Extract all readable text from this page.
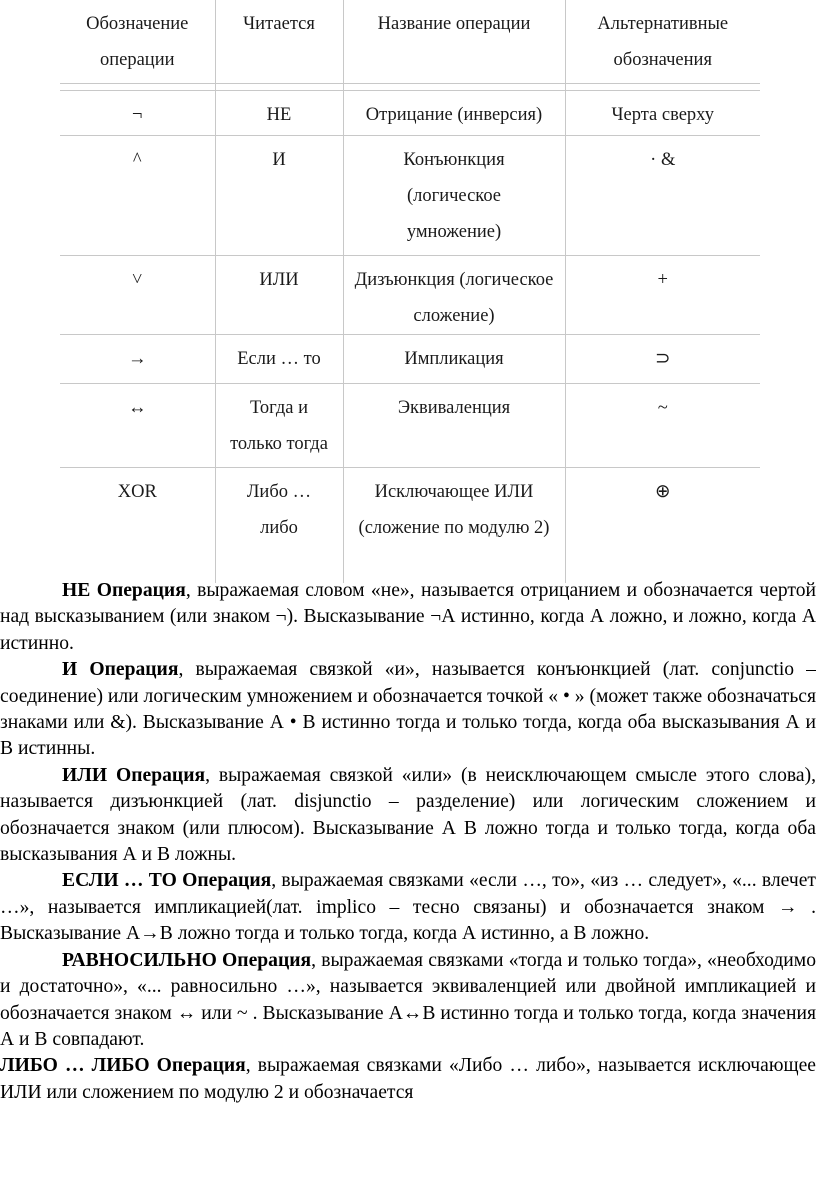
Обозначение операции	Читается	Название операции	Альтернативные обозначения

¬	НЕ	Отрицание (инверсия)	Черта сверху
^	И	Конъюнкция (логическое умножение)	· &
˅	ИЛИ	Дизъюнкция (логическое сложение)	+
→	Если … то	Импликация	⊃
↔	Тогда и только тогда	Эквиваленция	~
XOR	Либо …либо	Исключающее ИЛИ (сложение по модулю 2)	⊕

НЕ Операция, выражаемая словом «не», называется отрицанием и обозначается чертой над высказыванием (или знаком ¬). Высказывание ¬А истинно, когда А ложно, и ложно, когда А истинно.

И Операция, выражаемая связкой «и», называется конъюнкцией (лат. conjunctio – соединение) или логическим умножением и обозначается точкой « • » (может также обозначаться знаками или &). Высказывание А • В истинно тогда и только тогда, когда оба высказывания А и В истинны.

ИЛИ Операция, выражаемая связкой «или» (в неисключающем смысле этого слова), называется дизъюнкцией (лат. disjunctio – разделение) или логическим сложением и обозначается знаком (или плюсом). Высказывание А В ложно тогда и только тогда, когда оба высказывания А и В ложны.

ЕСЛИ … ТО Операция, выражаемая связками «если …, то», «из … следует», «... влечет …», называется импликацией(лат. implico – тесно связаны) и обозначается знаком → . Высказывание А→В ложно тогда и только тогда, когда А истинно, а В ложно.

РАВНОСИЛЬНО Операция, выражаемая связками «тогда и только тогда», «необходимо и достаточно», «... равносильно …», называется эквиваленцией или двойной импликацией и обозначается знаком ↔ или ~ . Высказывание А↔В истинно тогда и только тогда, когда значения А и В совпадают.

ЛИБО … ЛИБО Операция, выражаемая связками «Либо … либо», называется исключающее ИЛИ или сложением по модулю 2 и обозначается
